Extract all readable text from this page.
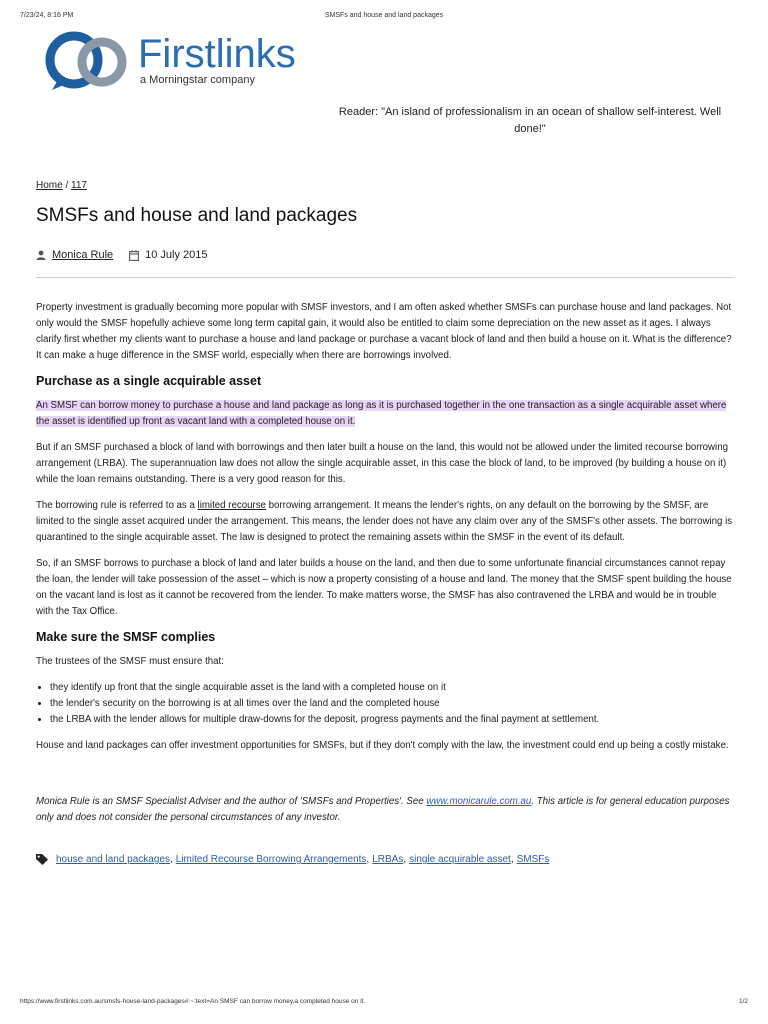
7/23/24, 8:16 PM	SMSFs and house and land packages
Firstlinks
a Morningstar company
Reader: "An island of professionalism in an ocean of shallow self-interest. Well done!"
Home / 117
SMSFs and house and land packages
Monica Rule	10 July 2015

Property investment is gradually becoming more popular with SMSF investors, and I am often asked whether SMSFs can purchase house and land packages. Not only would the SMSF hopefully achieve some long term capital gain, it would also be entitled to claim some depreciation on the new asset as it ages. I always clarify first whether my clients want to purchase a house and land package or purchase a vacant block of land and then build a house on it. What is the difference? It can make a huge difference in the SMSF world, especially when there are borrowings involved.

Purchase as a single acquirable asset

An SMSF can borrow money to purchase a house and land package as long as it is purchased together in the one transaction as a single acquirable asset where the asset is identified up front as vacant land with a completed house on it.

But if an SMSF purchased a block of land with borrowings and then later built a house on the land, this would not be allowed under the limited recourse borrowing arrangement (LRBA). The superannuation law does not allow the single acquirable asset, in this case the block of land, to be improved (by building a house on it) while the loan remains outstanding. There is a very good reason for this.

The borrowing rule is referred to as a limited recourse borrowing arrangement. It means the lender's rights, on any default on the borrowing by the SMSF, are limited to the single asset acquired under the arrangement. This means, the lender does not have any claim over any of the SMSF's other assets. The borrowing is quarantined to the single acquirable asset. The law is designed to protect the remaining assets within the SMSF in the event of its default.

So, if an SMSF borrows to purchase a block of land and later builds a house on the land, and then due to some unfortunate financial circumstances cannot repay the loan, the lender will take possession of the asset – which is now a property consisting of a house and land. The money that the SMSF spent building the house on the vacant land is lost as it cannot be recovered from the lender. To make matters worse, the SMSF has also contravened the LRBA and would be in trouble with the Tax Office.

Make sure the SMSF complies

The trustees of the SMSF must ensure that:

• they identify up front that the single acquirable asset is the land with a completed house on it
• the lender's security on the borrowing is at all times over the land and the completed house
• the LRBA with the lender allows for multiple draw-downs for the deposit, progress payments and the final payment at settlement.

House and land packages can offer investment opportunities for SMSFs, but if they don't comply with the law, the investment could end up being a costly mistake.

Monica Rule is an SMSF Specialist Adviser and the author of 'SMSFs and Properties'. See www.monicarule.com.au. This article is for general education purposes only and does not consider the personal circumstances of any investor.

house and land packages , Limited Recourse Borrowing Arrangements , LRBAs , single acquirable asset , SMSFs
https://www.firstlinks.com.au/smsfs-house-land-packages#:~:text=An SMSF can borrow money,a completed house on it.	1/2
